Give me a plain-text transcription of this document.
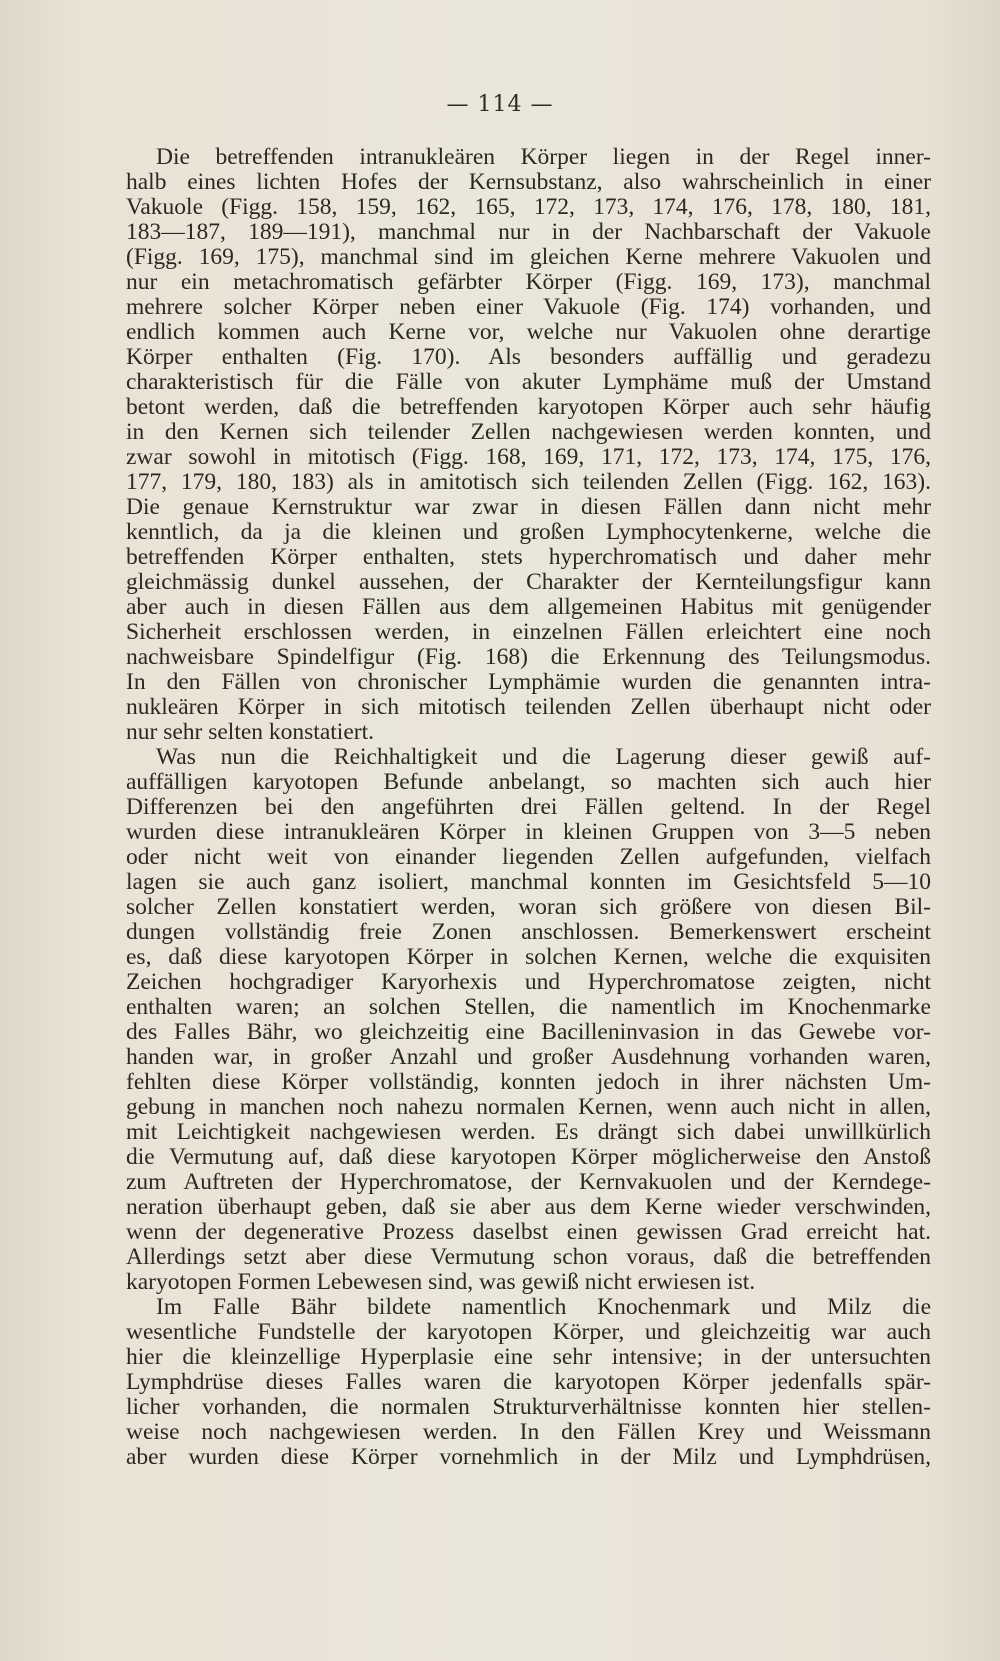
— 114 —
Die betreffenden intranukleären Körper liegen in der Regel inner-
halb eines lichten Hofes der Kernsubstanz, also wahrscheinlich in einer
Vakuole (Figg. 158, 159, 162, 165, 172, 173, 174, 176, 178, 180, 181,
183—187, 189—191), manchmal nur in der Nachbarschaft der Vakuole
(Figg. 169, 175), manchmal sind im gleichen Kerne mehrere Vakuolen und
nur ein metachromatisch gefärbter Körper (Figg. 169, 173), manchmal
mehrere solcher Körper neben einer Vakuole (Fig. 174) vorhanden, und
endlich kommen auch Kerne vor, welche nur Vakuolen ohne derartige
Körper enthalten (Fig. 170). Als besonders auffällig und geradezu
charakteristisch für die Fälle von akuter Lymphäme muß der Umstand
betont werden, daß die betreffenden karyotopen Körper auch sehr häufig
in den Kernen sich teilender Zellen nachgewiesen werden konnten, und
zwar sowohl in mitotisch (Figg. 168, 169, 171, 172, 173, 174, 175, 176,
177, 179, 180, 183) als in amitotisch sich teilenden Zellen (Figg. 162, 163).
Die genaue Kernstruktur war zwar in diesen Fällen dann nicht mehr
kenntlich, da ja die kleinen und großen Lymphocytenkerne, welche die
betreffenden Körper enthalten, stets hyperchromatisch und daher mehr
gleichmässig dunkel aussehen, der Charakter der Kernteilungsfigur kann
aber auch in diesen Fällen aus dem allgemeinen Habitus mit genügender
Sicherheit erschlossen werden, in einzelnen Fällen erleichtert eine noch
nachweisbare Spindelfigur (Fig. 168) die Erkennung des Teilungsmodus.
In den Fällen von chronischer Lymphämie wurden die genannten intra-
nukleären Körper in sich mitotisch teilenden Zellen überhaupt nicht oder
nur sehr selten konstatiert.
Was nun die Reichhaltigkeit und die Lagerung dieser gewiß auf-
auffälligen karyotopen Befunde anbelangt, so machten sich auch hier
Differenzen bei den angeführten drei Fällen geltend. In der Regel
wurden diese intranukleären Körper in kleinen Gruppen von 3—5 neben
oder nicht weit von einander liegenden Zellen aufgefunden, vielfach
lagen sie auch ganz isoliert, manchmal konnten im Gesichtsfeld 5—10
solcher Zellen konstatiert werden, woran sich größere von diesen Bil-
dungen vollständig freie Zonen anschlossen. Bemerkenswert erscheint
es, daß diese karyotopen Körper in solchen Kernen, welche die exquisiten
Zeichen hochgradiger Karyorhexis und Hyperchromatose zeigten, nicht
enthalten waren; an solchen Stellen, die namentlich im Knochenmarke
des Falles Bähr, wo gleichzeitig eine Bacilleninvasion in das Gewebe vor-
handen war, in großer Anzahl und großer Ausdehnung vorhanden waren,
fehlten diese Körper vollständig, konnten jedoch in ihrer nächsten Um-
gebung in manchen noch nahezu normalen Kernen, wenn auch nicht in allen,
mit Leichtigkeit nachgewiesen werden. Es drängt sich dabei unwillkürlich
die Vermutung auf, daß diese karyotopen Körper möglicherweise den Anstoß
zum Auftreten der Hyperchromatose, der Kernvakuolen und der Kerndege-
neration überhaupt geben, daß sie aber aus dem Kerne wieder verschwinden,
wenn der degenerative Prozess daselbst einen gewissen Grad erreicht hat.
Allerdings setzt aber diese Vermutung schon voraus, daß die betreffenden
karyotopen Formen Lebewesen sind, was gewiß nicht erwiesen ist.
Im Falle Bähr bildete namentlich Knochenmark und Milz die
wesentliche Fundstelle der karyotopen Körper, und gleichzeitig war auch
hier die kleinzellige Hyperplasie eine sehr intensive; in der untersuchten
Lymphdrüse dieses Falles waren die karyotopen Körper jedenfalls spär-
licher vorhanden, die normalen Strukturverhältnisse konnten hier stellen-
weise noch nachgewiesen werden. In den Fällen Krey und Weissmann
aber wurden diese Körper vornehmlich in der Milz und Lymphdrüsen,
